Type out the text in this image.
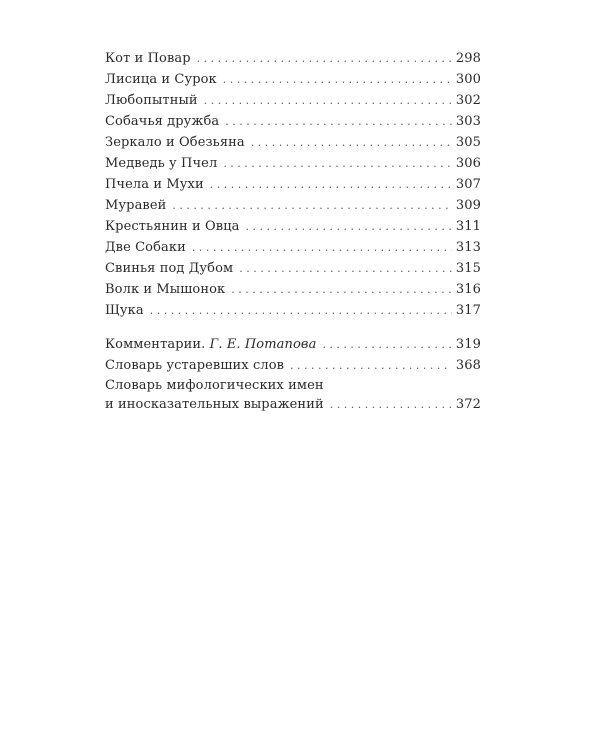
Кот и Повар . . .	298
Лисица и Сурок . . .	300
Любопытный . . .	302
Собачья дружба . . .	303
Зеркало и Обезьяна . . .	305
Медведь у Пчел . . .	306
Пчела и Мухи . . .	307
Муравей . . .	309
Крестьянин и Овца . . .	311
Две Собаки . . .	313
Свинья под Дубом . . .	315
Волк и Мышонок . . .	316
Щука . . .	317
Комментарии. Г. Е. Потапова . . .	319
Словарь устаревших слов . . .	368
Словарь мифологических имен
и иносказательных выражений . . .	372
